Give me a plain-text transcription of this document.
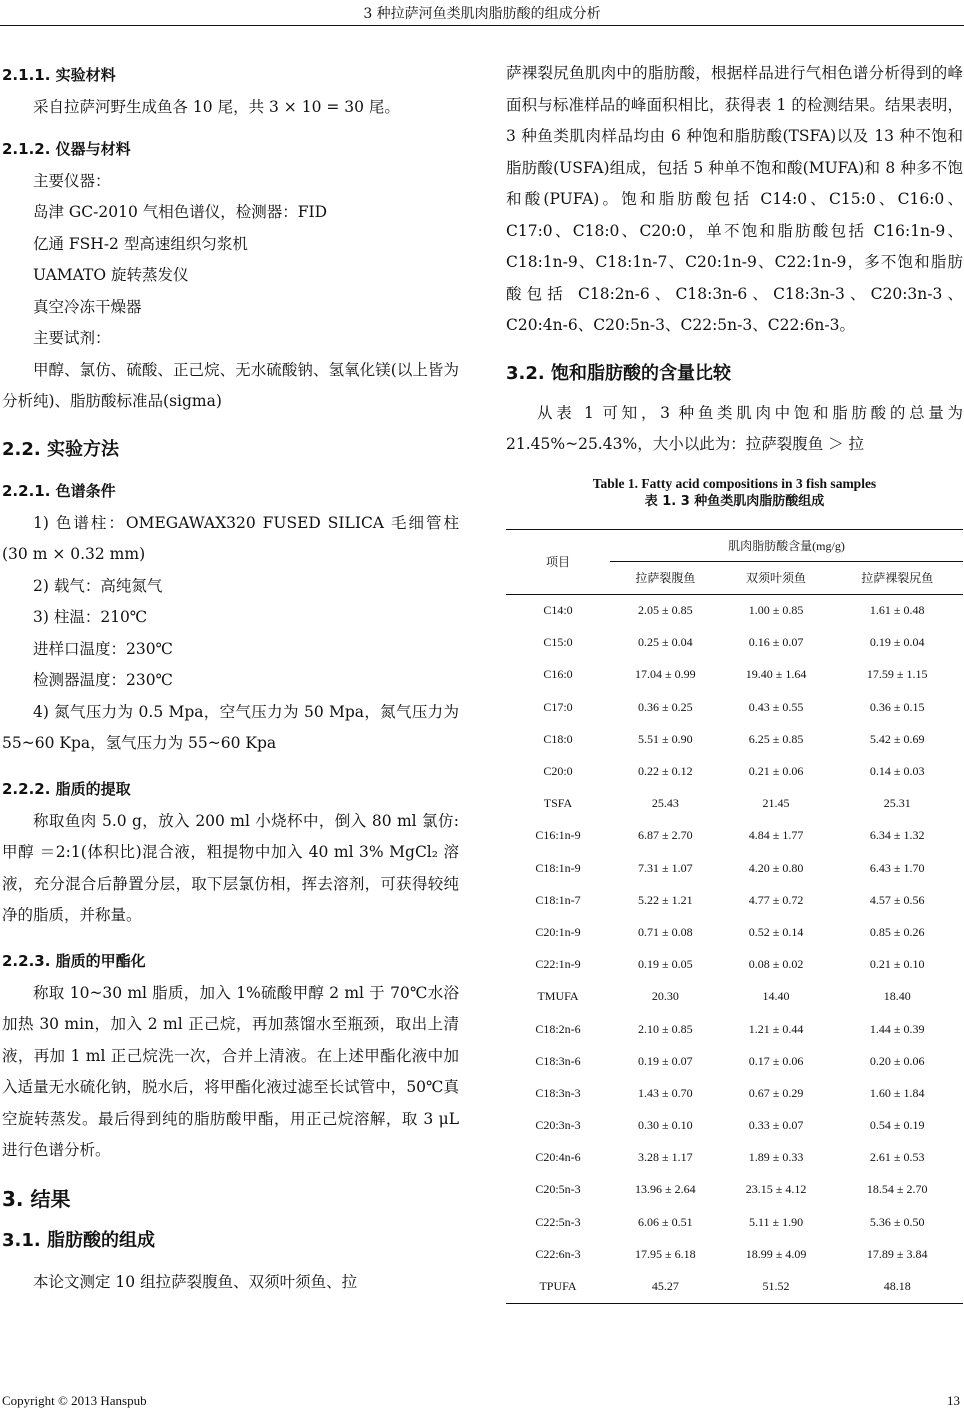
3 种拉萨河鱼类肌肉脂肪酸的组成分析
2.1.1. 实验材料

采自拉萨河野生成鱼各 10 尾，共 3 × 10 = 30 尾。

2.1.2. 仪器与材料

主要仪器：

岛津 GC-2010 气相色谱仪，检测器：FID

亿通 FSH-2 型高速组织匀浆机

UAMATO 旋转蒸发仪

真空冷冻干燥器

主要试剂：

甲醇、氯仿、硫酸、正己烷、无水硫酸钠、氢氧化镁(以上皆为分析纯)、脂肪酸标准品(sigma)

2.2. 实验方法
2.2.1. 色谱条件

1) 色谱柱：OMEGAWAX320 FUSED SILICA 毛细管柱(30 m × 0.32 mm)

2) 载气：高纯氮气

3) 柱温：210℃

进样口温度：230℃

检测器温度：230℃

4) 氮气压力为 0.5 Mpa，空气压力为 50 Mpa，氮气压力为 55~60 Kpa，氢气压力为 55~60 Kpa

2.2.2. 脂质的提取

称取鱼肉 5.0 g，放入 200 ml 小烧杯中，倒入 80 ml 氯仿:甲醇 ＝2:1(体积比)混合液，粗提物中加入 40 ml 3% MgCl₂ 溶液，充分混合后静置分层，取下层氯仿相，挥去溶剂，可获得较纯净的脂质，并称量。

2.2.3. 脂质的甲酯化

称取 10~30 ml 脂质，加入 1%硫酸甲醇 2 ml 于 70℃水浴加热 30 min，加入 2 ml 正己烷，再加蒸馏水至瓶颈，取出上清液，再加 1 ml 正己烷洗一次，合并上清液。在上述甲酯化液中加入适量无水硫化钠，脱水后，将甲酯化液过滤至长试管中，50℃真空旋转蒸发。最后得到纯的脂肪酸甲酯，用正己烷溶解，取 3 μL 进行色谱分析。

3. 结果
3.1. 脂肪酸的组成

本论文测定 10 组拉萨裂腹鱼、双须叶须鱼、拉

萨裸裂尻鱼肌肉中的脂肪酸，根据样品进行气相色谱分析得到的峰面积与标准样品的峰面积相比，获得表 1 的检测结果。结果表明，3 种鱼类肌肉样品均由 6 种饱和脂肪酸(TSFA)以及 13 种不饱和脂肪酸(USFA)组成，包括 5 种单不饱和酸(MUFA)和 8 种多不饱和酸(PUFA)。饱和脂肪酸包括 C14:0、C15:0、C16:0、C17:0、C18:0、C20:0，单不饱和脂肪酸包括 C16:1n-9、C18:1n-9、C18:1n-7、C20:1n-9、C22:1n-9，多不饱和脂肪酸包括 C18:2n-6、C18:3n-6、C18:3n-3、C20:3n-3、C20:4n-6、C20:5n-3、C22:5n-3、C22:6n-3。

3.2. 饱和脂肪酸的含量比较

从表 1 可知，3 种鱼类肌肉中饱和脂肪酸的总量为 21.45%~25.43%，大小以此为：拉萨裂腹鱼 ＞ 拉

Table 1. Fatty acid compositions in 3 fish samples
表 1. 3 种鱼类肌肉脂肪酸组成
项目	肌肉脂肪酸含量(mg/g)		
	拉萨裂腹鱼	双须叶须鱼	拉萨裸裂尻鱼
C14:0	2.05 ± 0.85	1.00 ± 0.85	1.61 ± 0.48
C15:0	0.25 ± 0.04	0.16 ± 0.07	0.19 ± 0.04
C16:0	17.04 ± 0.99	19.40 ± 1.64	17.59 ± 1.15
C17:0	0.36 ± 0.25	0.43 ± 0.55	0.36 ± 0.15
C18:0	5.51 ± 0.90	6.25 ± 0.85	5.42 ± 0.69
C20:0	0.22 ± 0.12	0.21 ± 0.06	0.14 ± 0.03
TSFA	25.43	21.45	25.31
C16:1n-9	6.87 ± 2.70	4.84 ± 1.77	6.34 ± 1.32
C18:1n-9	7.31 ± 1.07	4.20 ± 0.80	6.43 ± 1.70
C18:1n-7	5.22 ± 1.21	4.77 ± 0.72	4.57 ± 0.56
C20:1n-9	0.71 ± 0.08	0.52 ± 0.14	0.85 ± 0.26
C22:1n-9	0.19 ± 0.05	0.08 ± 0.02	0.21 ± 0.10
TMUFA	20.30	14.40	18.40
C18:2n-6	2.10 ± 0.85	1.21 ± 0.44	1.44 ± 0.39
C18:3n-6	0.19 ± 0.07	0.17 ± 0.06	0.20 ± 0.06
C18:3n-3	1.43 ± 0.70	0.67 ± 0.29	1.60 ± 1.84
C20:3n-3	0.30 ± 0.10	0.33 ± 0.07	0.54 ± 0.19
C20:4n-6	3.28 ± 1.17	1.89 ± 0.33	2.61 ± 0.53
C20:5n-3	13.96 ± 2.64	23.15 ± 4.12	18.54 ± 2.70
C22:5n-3	6.06 ± 0.51	5.11 ± 1.90	5.36 ± 0.50
C22:6n-3	17.95 ± 6.18	18.99 ± 4.09	17.89 ± 3.84
TPUFA	45.27	51.52	48.18
Copyright © 2013 Hanspub	13
